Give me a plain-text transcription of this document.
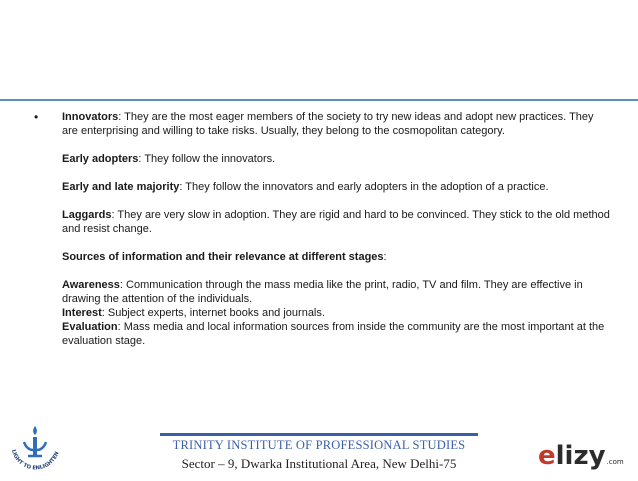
• Innovators: They are the most eager members of the society to try new ideas and adopt new practices. They are enterprising and willing to take risks. Usually, they belong to the cosmopolitan category.

Early adopters: They follow the innovators.

Early and late majority: They follow the innovators and early adopters in the adoption of a practice.

Laggards: They are very slow in adoption. They are rigid and hard to be convinced. They stick to the old method and resist change.

Sources of information and their relevance at different stages:

Awareness: Communication through the mass media like the print, radio, TV and film. They are effective in drawing the attention of the individuals.

Interest: Subject experts, internet books and journals.

Evaluation: Mass media and local information sources from inside the community are the most important at the evaluation stage.

LIGHT TO ENLIGHTEN
TRINITY INSTITUTE OF PROFESSIONAL STUDIES
Sector – 9, Dwarka Institutional Area, New Delhi-75	e lizy .com
